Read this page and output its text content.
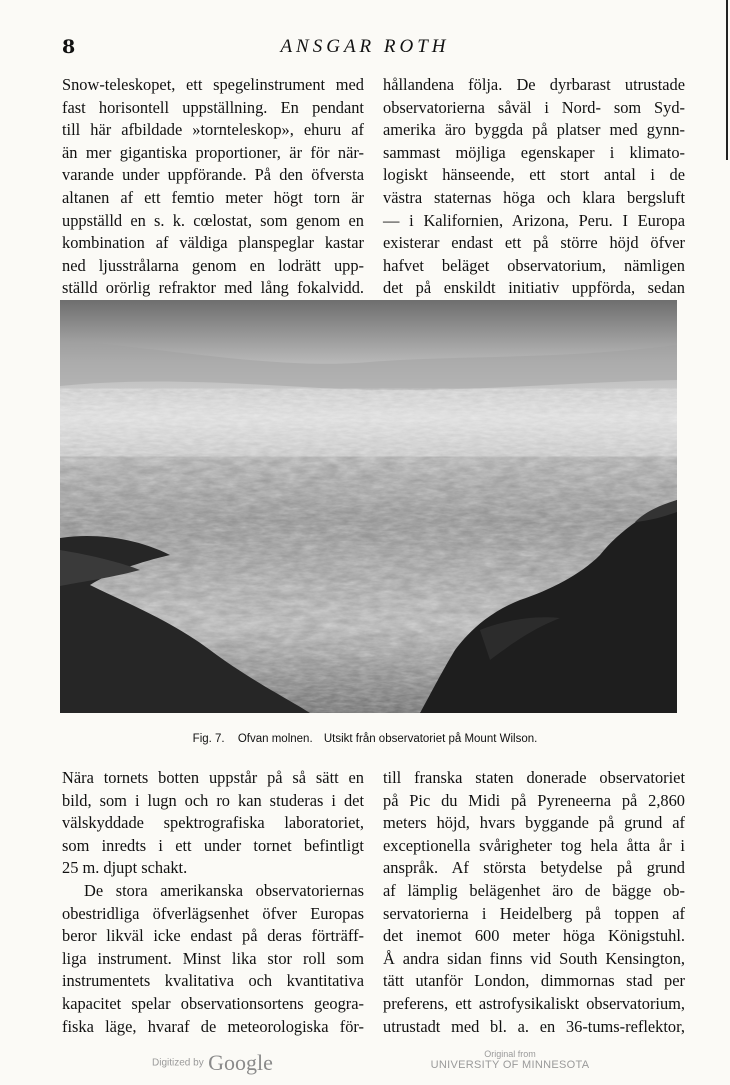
8	ANSGAR ROTH
Snow-teleskopet, ett spegelinstrument med
fast horisontell uppställning. En pendant
till här afbildade »tornteleskop», ehuru af
än mer gigantiska proportioner, är för när-
varande under uppförande. På den öfversta
altanen af ett femtio meter högt torn är
uppställd en s. k. cœlostat, som genom en
kombination af väldiga planspeglar kastar
ned ljusstrålarna genom en lodrätt upp-
ställd orörlig refraktor med lång fokalvidd.
hållandena följa. De dyrbarast utrustade
observatorierna såväl i Nord- som Syd-
amerika äro byggda på platser med gynn-
sammast möjliga egenskaper i klimato-
logiskt hänseende, ett stort antal i de
västra staternas höga och klara bergsluft
— i Kalifornien, Arizona, Peru. I Europa
existerar endast ett på större höjd öfver
hafvet beläget observatorium, nämligen
det på enskildt initiativ uppförda, sedan
Fig. 7. Ofvan molnen. Utsikt från observatoriet på Mount Wilson.
Nära tornets botten uppstår på så sätt en
bild, som i lugn och ro kan studeras i det
välskyddade spektrografiska laboratoriet,
som inredts i ett under tornet befintligt
25 m. djupt schakt.
De stora amerikanska observatoriernas
obestridliga öfverlägsenhet öfver Europas
beror likväl icke endast på deras förträff-
liga instrument. Minst lika stor roll som
instrumentets kvalitativa och kvantitativa
kapacitet spelar observationsortens geogra-
fiska läge, hvaraf de meteorologiska för-
till franska staten donerade observatoriet
på Pic du Midi på Pyreneerna på 2,860
meters höjd, hvars byggande på grund af
exceptionella svårigheter tog hela åtta år i
anspråk. Af största betydelse på grund
af lämplig belägenhet äro de bägge ob-
servatorierna i Heidelberg på toppen af
det inemot 600 meter höga Königstuhl.
Å andra sidan finns vid South Kensington,
tätt utanför London, dimmornas stad per
preferens, ett astrofysikaliskt observatorium,
utrustadt med bl. a. en 36-tums-reflektor,
Digitized by Google	Original from
UNIVERSITY OF MINNESOTA
